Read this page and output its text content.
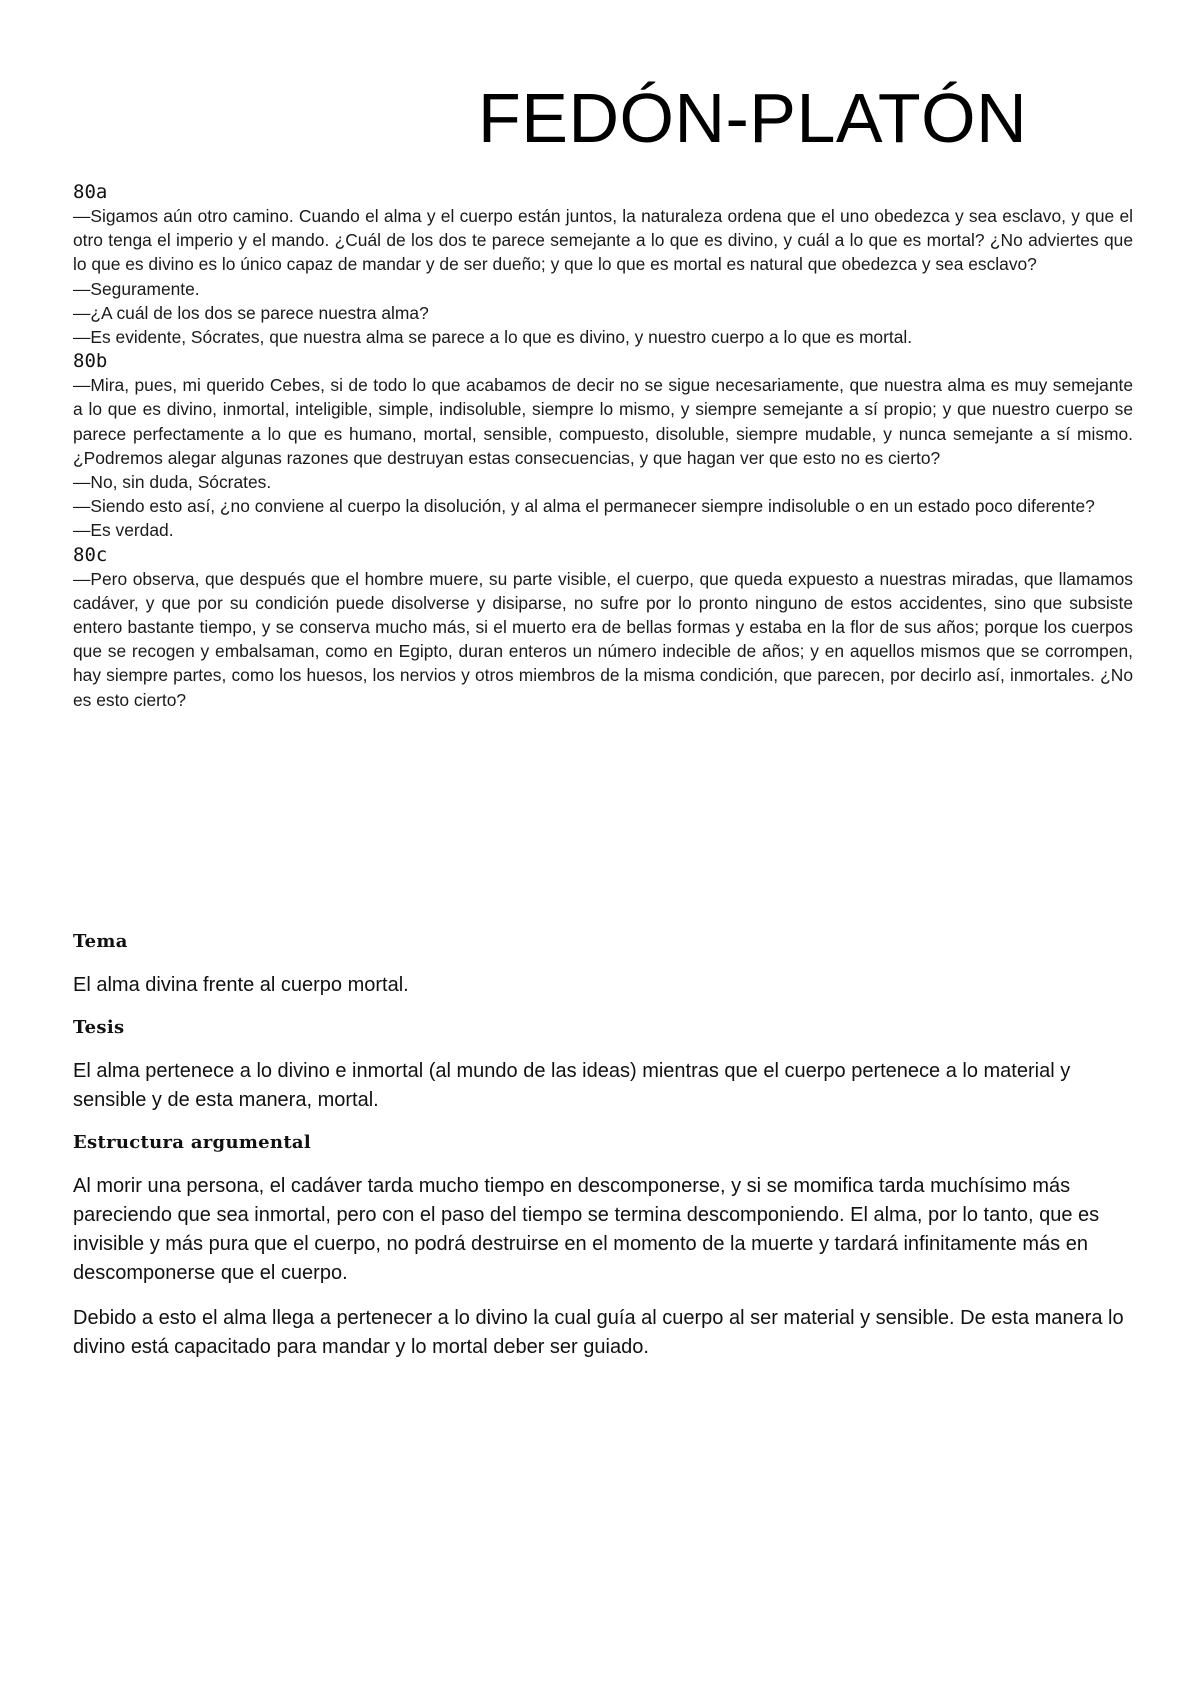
FEDÓN-PLATÓN
80a

—Sigamos aún otro camino. Cuando el alma y el cuerpo están juntos, la naturaleza ordena que el uno obedezca y sea esclavo, y que el otro tenga el imperio y el mando. ¿Cuál de los dos te parece semejante a lo que es divino, y cuál a lo que es mortal? ¿No adviertes que lo que es divino es lo único capaz de mandar y de ser dueño; y que lo que es mortal es natural que obedezca y sea esclavo?

—Seguramente.

—¿A cuál de los dos se parece nuestra alma?

—Es evidente, Sócrates, que nuestra alma se parece a lo que es divino, y nuestro cuerpo a lo que es mortal.

80b

—Mira, pues, mi querido Cebes, si de todo lo que acabamos de decir no se sigue necesariamente, que nuestra alma es muy semejante a lo que es divino, inmortal, inteligible, simple, indisoluble, siempre lo mismo, y siempre semejante a sí propio; y que nuestro cuerpo se parece perfectamente a lo que es humano, mortal, sensible, compuesto, disoluble, siempre mudable, y nunca semejante a sí mismo. ¿Podremos alegar algunas razones que destruyan estas consecuencias, y que hagan ver que esto no es cierto?

—No, sin duda, Sócrates.

—Siendo esto así, ¿no conviene al cuerpo la disolución, y al alma el permanecer siempre indisoluble o en un estado poco diferente?

—Es verdad.

80c

—Pero observa, que después que el hombre muere, su parte visible, el cuerpo, que queda expuesto a nuestras miradas, que llamamos cadáver, y que por su condición puede disolverse y disiparse, no sufre por lo pronto ninguno de estos accidentes, sino que subsiste entero bastante tiempo, y se conserva mucho más, si el muerto era de bellas formas y estaba en la flor de sus años; porque los cuerpos que se recogen y embalsaman, como en Egipto, duran enteros un número indecible de años; y en aquellos mismos que se corrompen, hay siempre partes, como los huesos, los nervios y otros miembros de la misma condición, que parecen, por decirlo así, inmortales. ¿No es esto cierto?

Tema

El alma divina frente al cuerpo mortal.

Tesis

El alma pertenece a lo divino e inmortal (al mundo de las ideas) mientras que el cuerpo pertenece a lo material y sensible y de esta manera, mortal.

Estructura argumental

Al morir una persona, el cadáver tarda mucho tiempo en descomponerse, y si se momifica tarda muchísimo más pareciendo que sea inmortal, pero con el paso del tiempo se termina descomponiendo. El alma, por lo tanto, que es invisible y más pura que el cuerpo, no podrá destruirse en el momento de la muerte y tardará infinitamente más en descomponerse que el cuerpo.

Debido a esto el alma llega a pertenecer a lo divino la cual guía al cuerpo al ser material y sensible. De esta manera lo divino está capacitado para mandar y lo mortal deber ser guiado.
